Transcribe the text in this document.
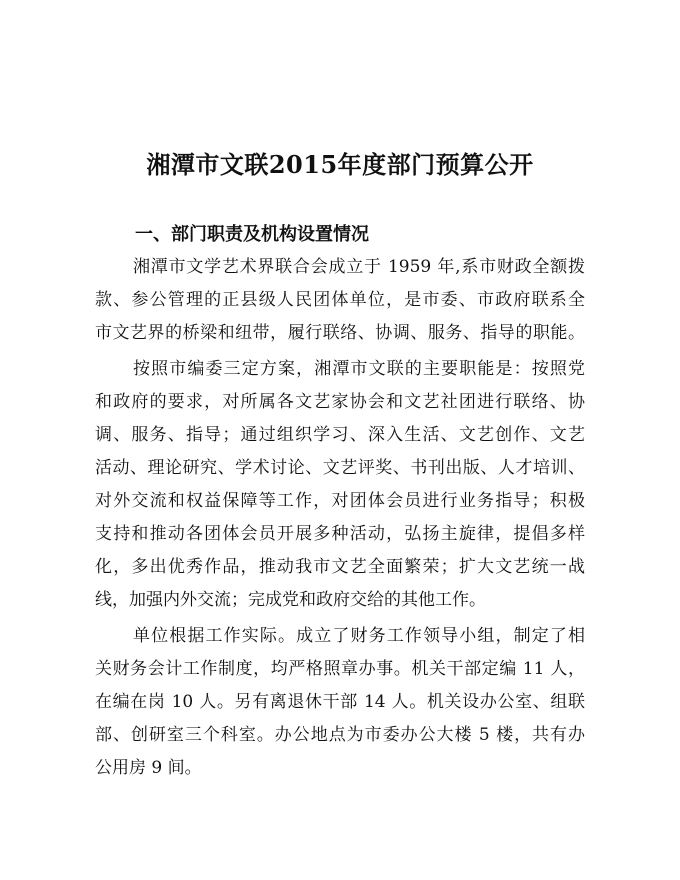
湘潭市文联2015年度部门预算公开
一、部门职责及机构设置情况
湘潭市文学艺术界联合会成立于 1959 年,系市财政全额拨
款、参公管理的正县级人民团体单位，是市委、市政府联系全
市文艺界的桥梁和纽带，履行联络、协调、服务、指导的职能。
按照市编委三定方案，湘潭市文联的主要职能是：按照党
和政府的要求，对所属各文艺家协会和文艺社团进行联络、协
调、服务、指导；通过组织学习、深入生活、文艺创作、文艺
活动、理论研究、学术讨论、文艺评奖、书刊出版、人才培训、
对外交流和权益保障等工作，对团体会员进行业务指导；积极
支持和推动各团体会员开展多种活动，弘扬主旋律，提倡多样
化，多出优秀作品，推动我市文艺全面繁荣；扩大文艺统一战
线，加强内外交流；完成党和政府交给的其他工作。
单位根据工作实际。成立了财务工作领导小组，制定了相
关财务会计工作制度，均严格照章办事。机关干部定编 11 人，
在编在岗 10 人。另有离退休干部 14 人。机关设办公室、组联
部、创研室三个科室。办公地点为市委办公大楼 5 楼，共有办
公用房 9 间。
